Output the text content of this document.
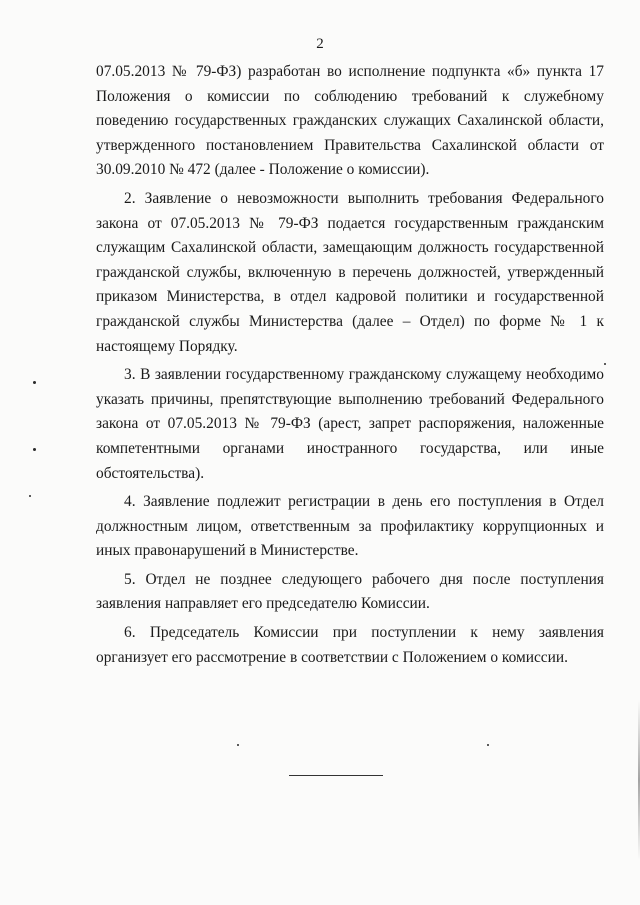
2

07.05.2013 № 79-ФЗ) разработан во исполнение подпункта «б» пункта 17 Положения о комиссии по соблюдению требований к служебному поведению государственных гражданских служащих Сахалинской области, утвержденного постановлением Правительства Сахалинской области от 30.09.2010 № 472 (далее - Положение о комиссии).

2. Заявление о невозможности выполнить требования Федерального закона от 07.05.2013 № 79-ФЗ подается государственным гражданским служащим Сахалинской области, замещающим должность государственной гражданской службы, включенную в перечень должностей, утвержденный приказом Министерства, в отдел кадровой политики и государственной гражданской службы Министерства (далее – Отдел) по форме № 1 к настоящему Порядку.

3. В заявлении государственному гражданскому служащему необходимо указать причины, препятствующие выполнению требований Федерального закона от 07.05.2013 № 79-ФЗ (арест, запрет распоряжения, наложенные компетентными органами иностранного государства, или иные обстоятельства).

4. Заявление подлежит регистрации в день его поступления в Отдел должностным лицом, ответственным за профилактику коррупционных и иных правонарушений в Министерстве.

5. Отдел не позднее следующего рабочего дня после поступления заявления направляет его председателю Комиссии.

6. Председатель Комиссии при поступлении к нему заявления организует его рассмотрение в соответствии с Положением о комиссии.
